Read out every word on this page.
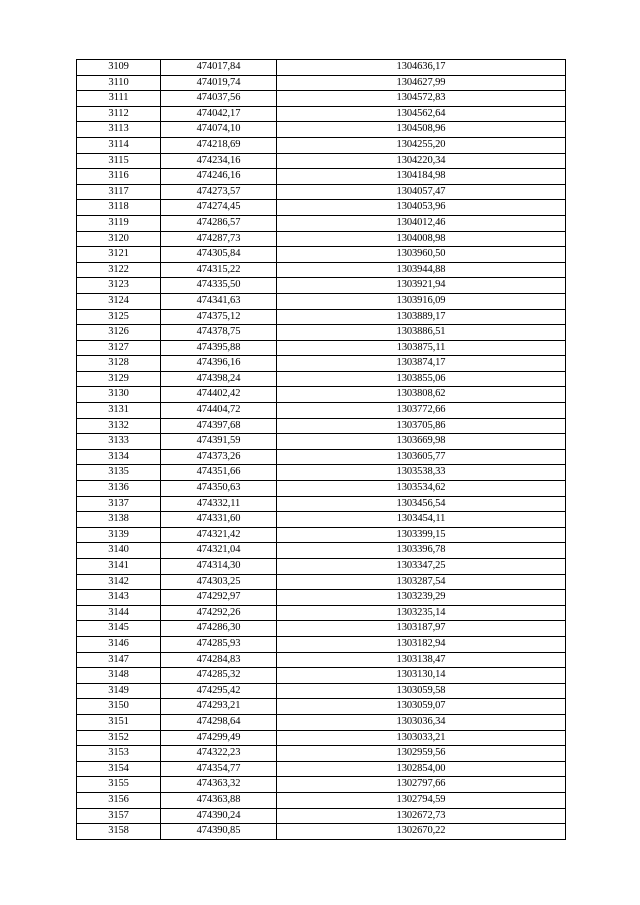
3109	474017,84	1304636,17
3110	474019,74	1304627,99
3111	474037,56	1304572,83
3112	474042,17	1304562,64
3113	474074,10	1304508,96
3114	474218,69	1304255,20
3115	474234,16	1304220,34
3116	474246,16	1304184,98
3117	474273,57	1304057,47
3118	474274,45	1304053,96
3119	474286,57	1304012,46
3120	474287,73	1304008,98
3121	474305,84	1303960,50
3122	474315,22	1303944,88
3123	474335,50	1303921,94
3124	474341,63	1303916,09
3125	474375,12	1303889,17
3126	474378,75	1303886,51
3127	474395,88	1303875,11
3128	474396,16	1303874,17
3129	474398,24	1303855,06
3130	474402,42	1303808,62
3131	474404,72	1303772,66
3132	474397,68	1303705,86
3133	474391,59	1303669,98
3134	474373,26	1303605,77
3135	474351,66	1303538,33
3136	474350,63	1303534,62
3137	474332,11	1303456,54
3138	474331,60	1303454,11
3139	474321,42	1303399,15
3140	474321,04	1303396,78
3141	474314,30	1303347,25
3142	474303,25	1303287,54
3143	474292,97	1303239,29
3144	474292,26	1303235,14
3145	474286,30	1303187,97
3146	474285,93	1303182,94
3147	474284,83	1303138,47
3148	474285,32	1303130,14
3149	474295,42	1303059,58
3150	474293,21	1303059,07
3151	474298,64	1303036,34
3152	474299,49	1303033,21
3153	474322,23	1302959,56
3154	474354,77	1302854,00
3155	474363,32	1302797,66
3156	474363,88	1302794,59
3157	474390,24	1302672,73
3158	474390,85	1302670,22
